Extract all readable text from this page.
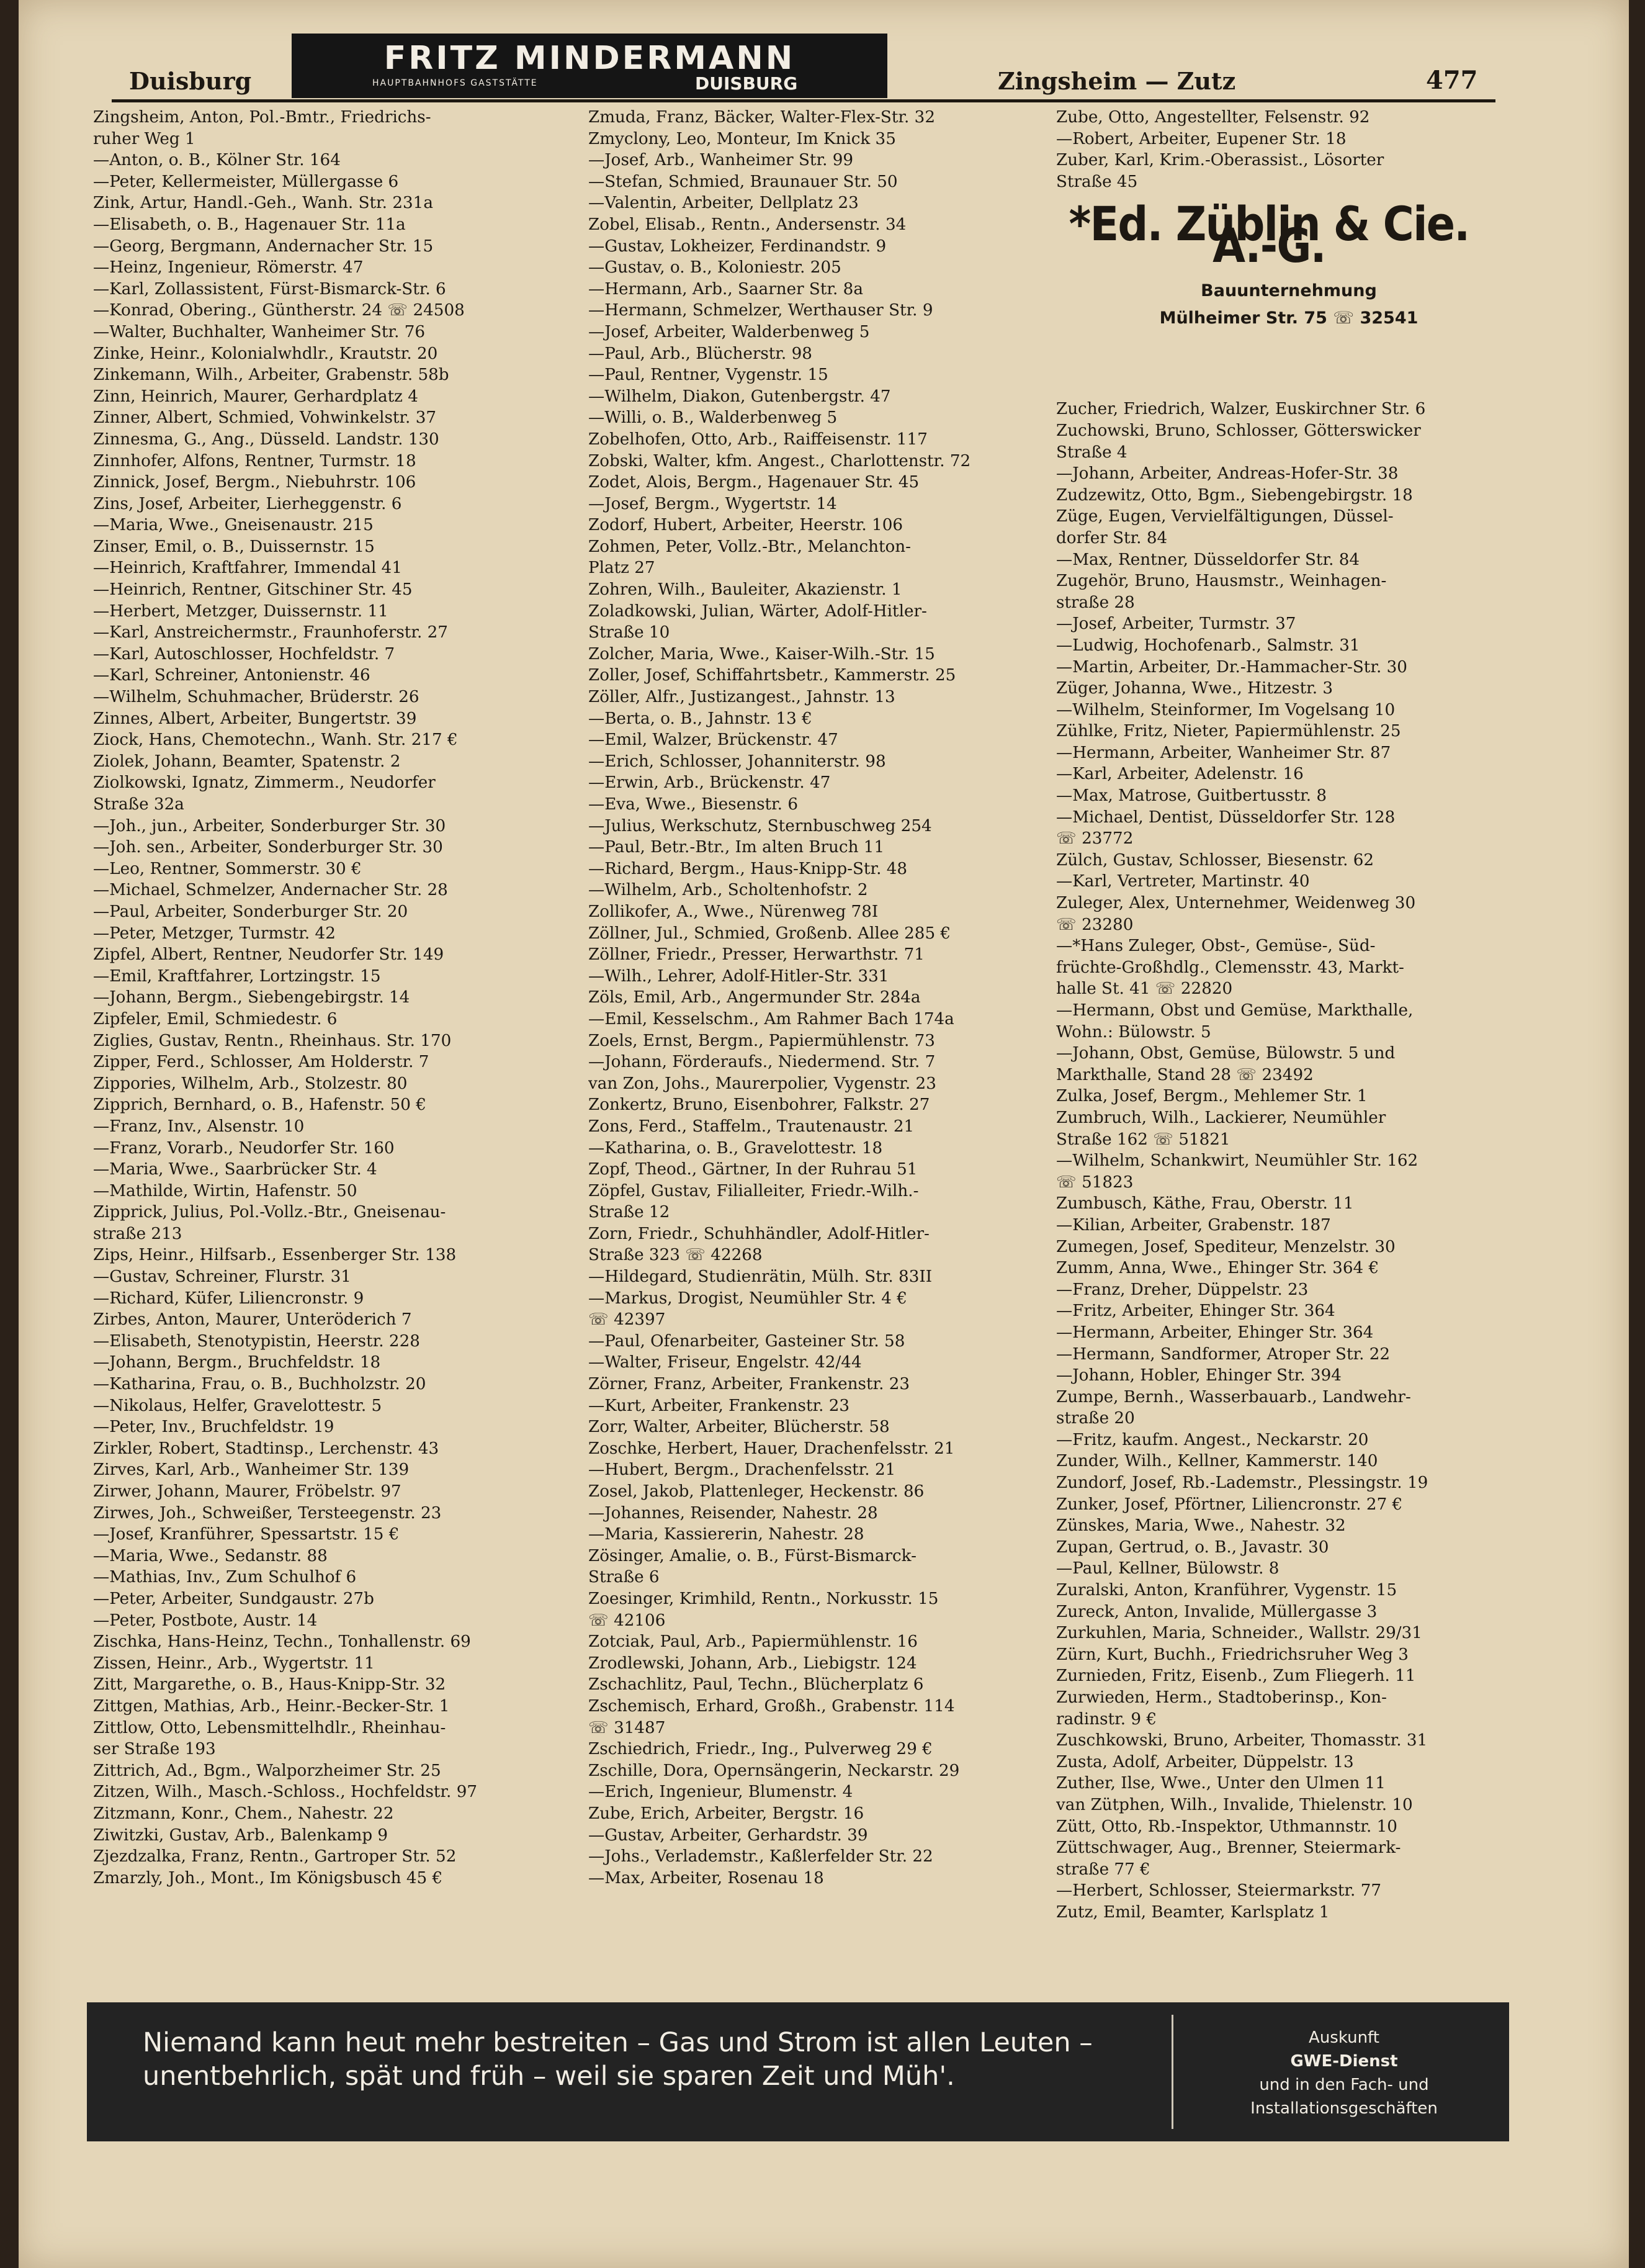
Duisburg
FRITZ MINDERMANN
HAUPTBAHNHOFS GASTSTÄTTE	DUISBURG	Zingsheim — Zutz	477
Zingsheim, Anton, Pol.-Bmtr., Friedrichs-
ruher Weg 1
—Anton, o. B., Kölner Str. 164
—Peter, Kellermeister, Müllergasse 6
Zink, Artur, Handl.-Geh., Wanh. Str. 231a
—Elisabeth, o. B., Hagenauer Str. 11a
—Georg, Bergmann, Andernacher Str. 15
—Heinz, Ingenieur, Römerstr. 47
—Karl, Zollassistent, Fürst-Bismarck-Str. 6
—Konrad, Obering., Güntherstr. 24 ☏ 24508
—Walter, Buchhalter, Wanheimer Str. 76
Zinke, Heinr., Kolonialwhdlr., Krautstr. 20
Zinkemann, Wilh., Arbeiter, Grabenstr. 58b
Zinn, Heinrich, Maurer, Gerhardplatz 4
Zinner, Albert, Schmied, Vohwinkelstr. 37
Zinnesma, G., Ang., Düsseld. Landstr. 130
Zinnhofer, Alfons, Rentner, Turmstr. 18
Zinnick, Josef, Bergm., Niebuhrstr. 106
Zins, Josef, Arbeiter, Lierheggenstr. 6
—Maria, Wwe., Gneisenaustr. 215
Zinser, Emil, o. B., Duissernstr. 15
—Heinrich, Kraftfahrer, Immendal 41
—Heinrich, Rentner, Gitschiner Str. 45
—Herbert, Metzger, Duissernstr. 11
—Karl, Anstreichermstr., Fraunhoferstr. 27
—Karl, Autoschlosser, Hochfeldstr. 7
—Karl, Schreiner, Antonienstr. 46
—Wilhelm, Schuhmacher, Brüderstr. 26
Zinnes, Albert, Arbeiter, Bungertstr. 39
Ziock, Hans, Chemotechn., Wanh. Str. 217 €
Ziolek, Johann, Beamter, Spatenstr. 2
Ziolkowski, Ignatz, Zimmerm., Neudorfer
Straße 32a
—Joh., jun., Arbeiter, Sonderburger Str. 30
—Joh. sen., Arbeiter, Sonderburger Str. 30
—Leo, Rentner, Sommerstr. 30 €
—Michael, Schmelzer, Andernacher Str. 28
—Paul, Arbeiter, Sonderburger Str. 20
—Peter, Metzger, Turmstr. 42
Zipfel, Albert, Rentner, Neudorfer Str. 149
—Emil, Kraftfahrer, Lortzingstr. 15
—Johann, Bergm., Siebengebirgstr. 14
Zipfeler, Emil, Schmiedestr. 6
Ziglies, Gustav, Rentn., Rheinhaus. Str. 170
Zipper, Ferd., Schlosser, Am Holderstr. 7
Zippories, Wilhelm, Arb., Stolzestr. 80
Zipprich, Bernhard, o. B., Hafenstr. 50 €
—Franz, Inv., Alsenstr. 10
—Franz, Vorarb., Neudorfer Str. 160
—Maria, Wwe., Saarbrücker Str. 4
—Mathilde, Wirtin, Hafenstr. 50
Zipprick, Julius, Pol.-Vollz.-Btr., Gneisenau-
straße 213
Zips, Heinr., Hilfsarb., Essenberger Str. 138
—Gustav, Schreiner, Flurstr. 31
—Richard, Küfer, Liliencronstr. 9
Zirbes, Anton, Maurer, Unteröderich 7
—Elisabeth, Stenotypistin, Heerstr. 228
—Johann, Bergm., Bruchfeldstr. 18
—Katharina, Frau, o. B., Buchholzstr. 20
—Nikolaus, Helfer, Gravelottestr. 5
—Peter, Inv., Bruchfeldstr. 19
Zirkler, Robert, Stadtinsp., Lerchenstr. 43
Zirves, Karl, Arb., Wanheimer Str. 139
Zirwer, Johann, Maurer, Fröbelstr. 97
Zirwes, Joh., Schweißer, Tersteegenstr. 23
—Josef, Kranführer, Spessartstr. 15 €
—Maria, Wwe., Sedanstr. 88
—Mathias, Inv., Zum Schulhof 6
—Peter, Arbeiter, Sundgaustr. 27b
—Peter, Postbote, Austr. 14
Zischka, Hans-Heinz, Techn., Tonhallenstr. 69
Zissen, Heinr., Arb., Wygertstr. 11
Zitt, Margarethe, o. B., Haus-Knipp-Str. 32
Zittgen, Mathias, Arb., Heinr.-Becker-Str. 1
Zittlow, Otto, Lebensmittelhdlr., Rheinhau-
ser Straße 193
Zittrich, Ad., Bgm., Walporzheimer Str. 25
Zitzen, Wilh., Masch.-Schloss., Hochfeldstr. 97
Zitzmann, Konr., Chem., Nahestr. 22
Ziwitzki, Gustav, Arb., Balenkamp 9
Zjezdzalka, Franz, Rentn., Gartroper Str. 52
Zmarzly, Joh., Mont., Im Königsbusch 45 €
Zmuda, Franz, Bäcker, Walter-Flex-Str. 32
Zmyclony, Leo, Monteur, Im Knick 35
—Josef, Arb., Wanheimer Str. 99
—Stefan, Schmied, Braunauer Str. 50
—Valentin, Arbeiter, Dellplatz 23
Zobel, Elisab., Rentn., Andersenstr. 34
—Gustav, Lokheizer, Ferdinandstr. 9
—Gustav, o. B., Koloniestr. 205
—Hermann, Arb., Saarner Str. 8a
—Hermann, Schmelzer, Werthauser Str. 9
—Josef, Arbeiter, Walderbenweg 5
—Paul, Arb., Blücherstr. 98
—Paul, Rentner, Vygenstr. 15
—Wilhelm, Diakon, Gutenbergstr. 47
—Willi, o. B., Walderbenweg 5
Zobelhofen, Otto, Arb., Raiffeisenstr. 117
Zobski, Walter, kfm. Angest., Charlottenstr. 72
Zodet, Alois, Bergm., Hagenauer Str. 45
—Josef, Bergm., Wygertstr. 14
Zodorf, Hubert, Arbeiter, Heerstr. 106
Zohmen, Peter, Vollz.-Btr., Melanchton-
Platz 27
Zohren, Wilh., Bauleiter, Akazienstr. 1
Zoladkowski, Julian, Wärter, Adolf-Hitler-
Straße 10
Zolcher, Maria, Wwe., Kaiser-Wilh.-Str. 15
Zoller, Josef, Schiffahrtsbetr., Kammerstr. 25
Zöller, Alfr., Justizangest., Jahnstr. 13
—Berta, o. B., Jahnstr. 13 €
—Emil, Walzer, Brückenstr. 47
—Erich, Schlosser, Johanniterstr. 98
—Erwin, Arb., Brückenstr. 47
—Eva, Wwe., Biesenstr. 6
—Julius, Werkschutz, Sternbuschweg 254
—Paul, Betr.-Btr., Im alten Bruch 11
—Richard, Bergm., Haus-Knipp-Str. 48
—Wilhelm, Arb., Scholtenhofstr. 2
Zollikofer, A., Wwe., Nürenweg 78I
Zöllner, Jul., Schmied, Großenb. Allee 285 €
Zöllner, Friedr., Presser, Herwarthstr. 71
—Wilh., Lehrer, Adolf-Hitler-Str. 331
Zöls, Emil, Arb., Angermunder Str. 284a
—Emil, Kesselschm., Am Rahmer Bach 174a
Zoels, Ernst, Bergm., Papiermühlenstr. 73
—Johann, Förderaufs., Niedermend. Str. 7
van Zon, Johs., Maurerpolier, Vygenstr. 23
Zonkertz, Bruno, Eisenbohrer, Falkstr. 27
Zons, Ferd., Staffelm., Trautenaustr. 21
—Katharina, o. B., Gravelottestr. 18
Zopf, Theod., Gärtner, In der Ruhrau 51
Zöpfel, Gustav, Filialleiter, Friedr.-Wilh.-
Straße 12
Zorn, Friedr., Schuhhändler, Adolf-Hitler-
Straße 323 ☏ 42268
—Hildegard, Studienrätin, Mülh. Str. 83II
—Markus, Drogist, Neumühler Str. 4 €
☏ 42397
—Paul, Ofenarbeiter, Gasteiner Str. 58
—Walter, Friseur, Engelstr. 42/44
Zörner, Franz, Arbeiter, Frankenstr. 23
—Kurt, Arbeiter, Frankenstr. 23
Zorr, Walter, Arbeiter, Blücherstr. 58
Zoschke, Herbert, Hauer, Drachenfelsstr. 21
—Hubert, Bergm., Drachenfelsstr. 21
Zosel, Jakob, Plattenleger, Heckenstr. 86
—Johannes, Reisender, Nahestr. 28
—Maria, Kassiererin, Nahestr. 28
Zösinger, Amalie, o. B., Fürst-Bismarck-
Straße 6
Zoesinger, Krimhild, Rentn., Norkusstr. 15
☏ 42106
Zotciak, Paul, Arb., Papiermühlenstr. 16
Zrodlewski, Johann, Arb., Liebigstr. 124
Zschachlitz, Paul, Techn., Blücherplatz 6
Zschemisch, Erhard, Großh., Grabenstr. 114
☏ 31487
Zschiedrich, Friedr., Ing., Pulverweg 29 €
Zschille, Dora, Opernsängerin, Neckarstr. 29
—Erich, Ingenieur, Blumenstr. 4
Zube, Erich, Arbeiter, Bergstr. 16
—Gustav, Arbeiter, Gerhardstr. 39
—Johs., Verlademstr., Kaßlerfelder Str. 22
—Max, Arbeiter, Rosenau 18
Zube, Otto, Angestellter, Felsenstr. 92
—Robert, Arbeiter, Eupener Str. 18
Zuber, Karl, Krim.-Oberassist., Lösorter
Straße 45
*Ed. Züblin & Cie. A.-G.
Bauunternehmung
Mülheimer Str. 75 ☏ 32541
Zucher, Friedrich, Walzer, Euskirchner Str. 6
Zuchowski, Bruno, Schlosser, Götterswicker
Straße 4
—Johann, Arbeiter, Andreas-Hofer-Str. 38
Zudzewitz, Otto, Bgm., Siebengebirgstr. 18
Züge, Eugen, Vervielfältigungen, Düssel-
dorfer Str. 84
—Max, Rentner, Düsseldorfer Str. 84
Zugehör, Bruno, Hausmstr., Weinhagen-
straße 28
—Josef, Arbeiter, Turmstr. 37
—Ludwig, Hochofenarb., Salmstr. 31
—Martin, Arbeiter, Dr.-Hammacher-Str. 30
Züger, Johanna, Wwe., Hitzestr. 3
—Wilhelm, Steinformer, Im Vogelsang 10
Zühlke, Fritz, Nieter, Papiermühlenstr. 25
—Hermann, Arbeiter, Wanheimer Str. 87
—Karl, Arbeiter, Adelenstr. 16
—Max, Matrose, Guitbertusstr. 8
—Michael, Dentist, Düsseldorfer Str. 128
☏ 23772
Zülch, Gustav, Schlosser, Biesenstr. 62
—Karl, Vertreter, Martinstr. 40
Zuleger, Alex, Unternehmer, Weidenweg 30
☏ 23280
—*Hans Zuleger, Obst-, Gemüse-, Süd-
früchte-Großhdlg., Clemensstr. 43, Markt-
halle St. 41 ☏ 22820
—Hermann, Obst und Gemüse, Markthalle,
Wohn.: Bülowstr. 5
—Johann, Obst, Gemüse, Bülowstr. 5 und
Markthalle, Stand 28 ☏ 23492
Zulka, Josef, Bergm., Mehlemer Str. 1
Zumbruch, Wilh., Lackierer, Neumühler
Straße 162 ☏ 51821
—Wilhelm, Schankwirt, Neumühler Str. 162
☏ 51823
Zumbusch, Käthe, Frau, Oberstr. 11
—Kilian, Arbeiter, Grabenstr. 187
Zumegen, Josef, Spediteur, Menzelstr. 30
Zumm, Anna, Wwe., Ehinger Str. 364 €
—Franz, Dreher, Düppelstr. 23
—Fritz, Arbeiter, Ehinger Str. 364
—Hermann, Arbeiter, Ehinger Str. 364
—Hermann, Sandformer, Atroper Str. 22
—Johann, Hobler, Ehinger Str. 394
Zumpe, Bernh., Wasserbauarb., Landwehr-
straße 20
—Fritz, kaufm. Angest., Neckarstr. 20
Zunder, Wilh., Kellner, Kammerstr. 140
Zundorf, Josef, Rb.-Lademstr., Plessingstr. 19
Zunker, Josef, Pförtner, Liliencronstr. 27 €
Zünskes, Maria, Wwe., Nahestr. 32
Zupan, Gertrud, o. B., Javastr. 30
—Paul, Kellner, Bülowstr. 8
Zuralski, Anton, Kranführer, Vygenstr. 15
Zureck, Anton, Invalide, Müllergasse 3
Zurkuhlen, Maria, Schneider., Wallstr. 29/31
Zürn, Kurt, Buchh., Friedrichsruher Weg 3
Zurnieden, Fritz, Eisenb., Zum Fliegerh. 11
Zurwieden, Herm., Stadtoberinsp., Kon-
radinstr. 9 €
Zuschkowski, Bruno, Arbeiter, Thomasstr. 31
Zusta, Adolf, Arbeiter, Düppelstr. 13
Zuther, Ilse, Wwe., Unter den Ulmen 11
van Zütphen, Wilh., Invalide, Thielenstr. 10
Zütt, Otto, Rb.-Inspektor, Uthmannstr. 10
Züttschwager, Aug., Brenner, Steiermark-
straße 77 €
—Herbert, Schlosser, Steiermarkstr. 77
Zutz, Emil, Beamter, Karlsplatz 1
Niemand kann heut mehr bestreiten – Gas und Strom ist allen Leuten – unentbehrlich, spät und früh – weil sie sparen Zeit und Müh'.
Auskunft
GWE-Dienst
und in den Fach- und
Installationsgeschäften
